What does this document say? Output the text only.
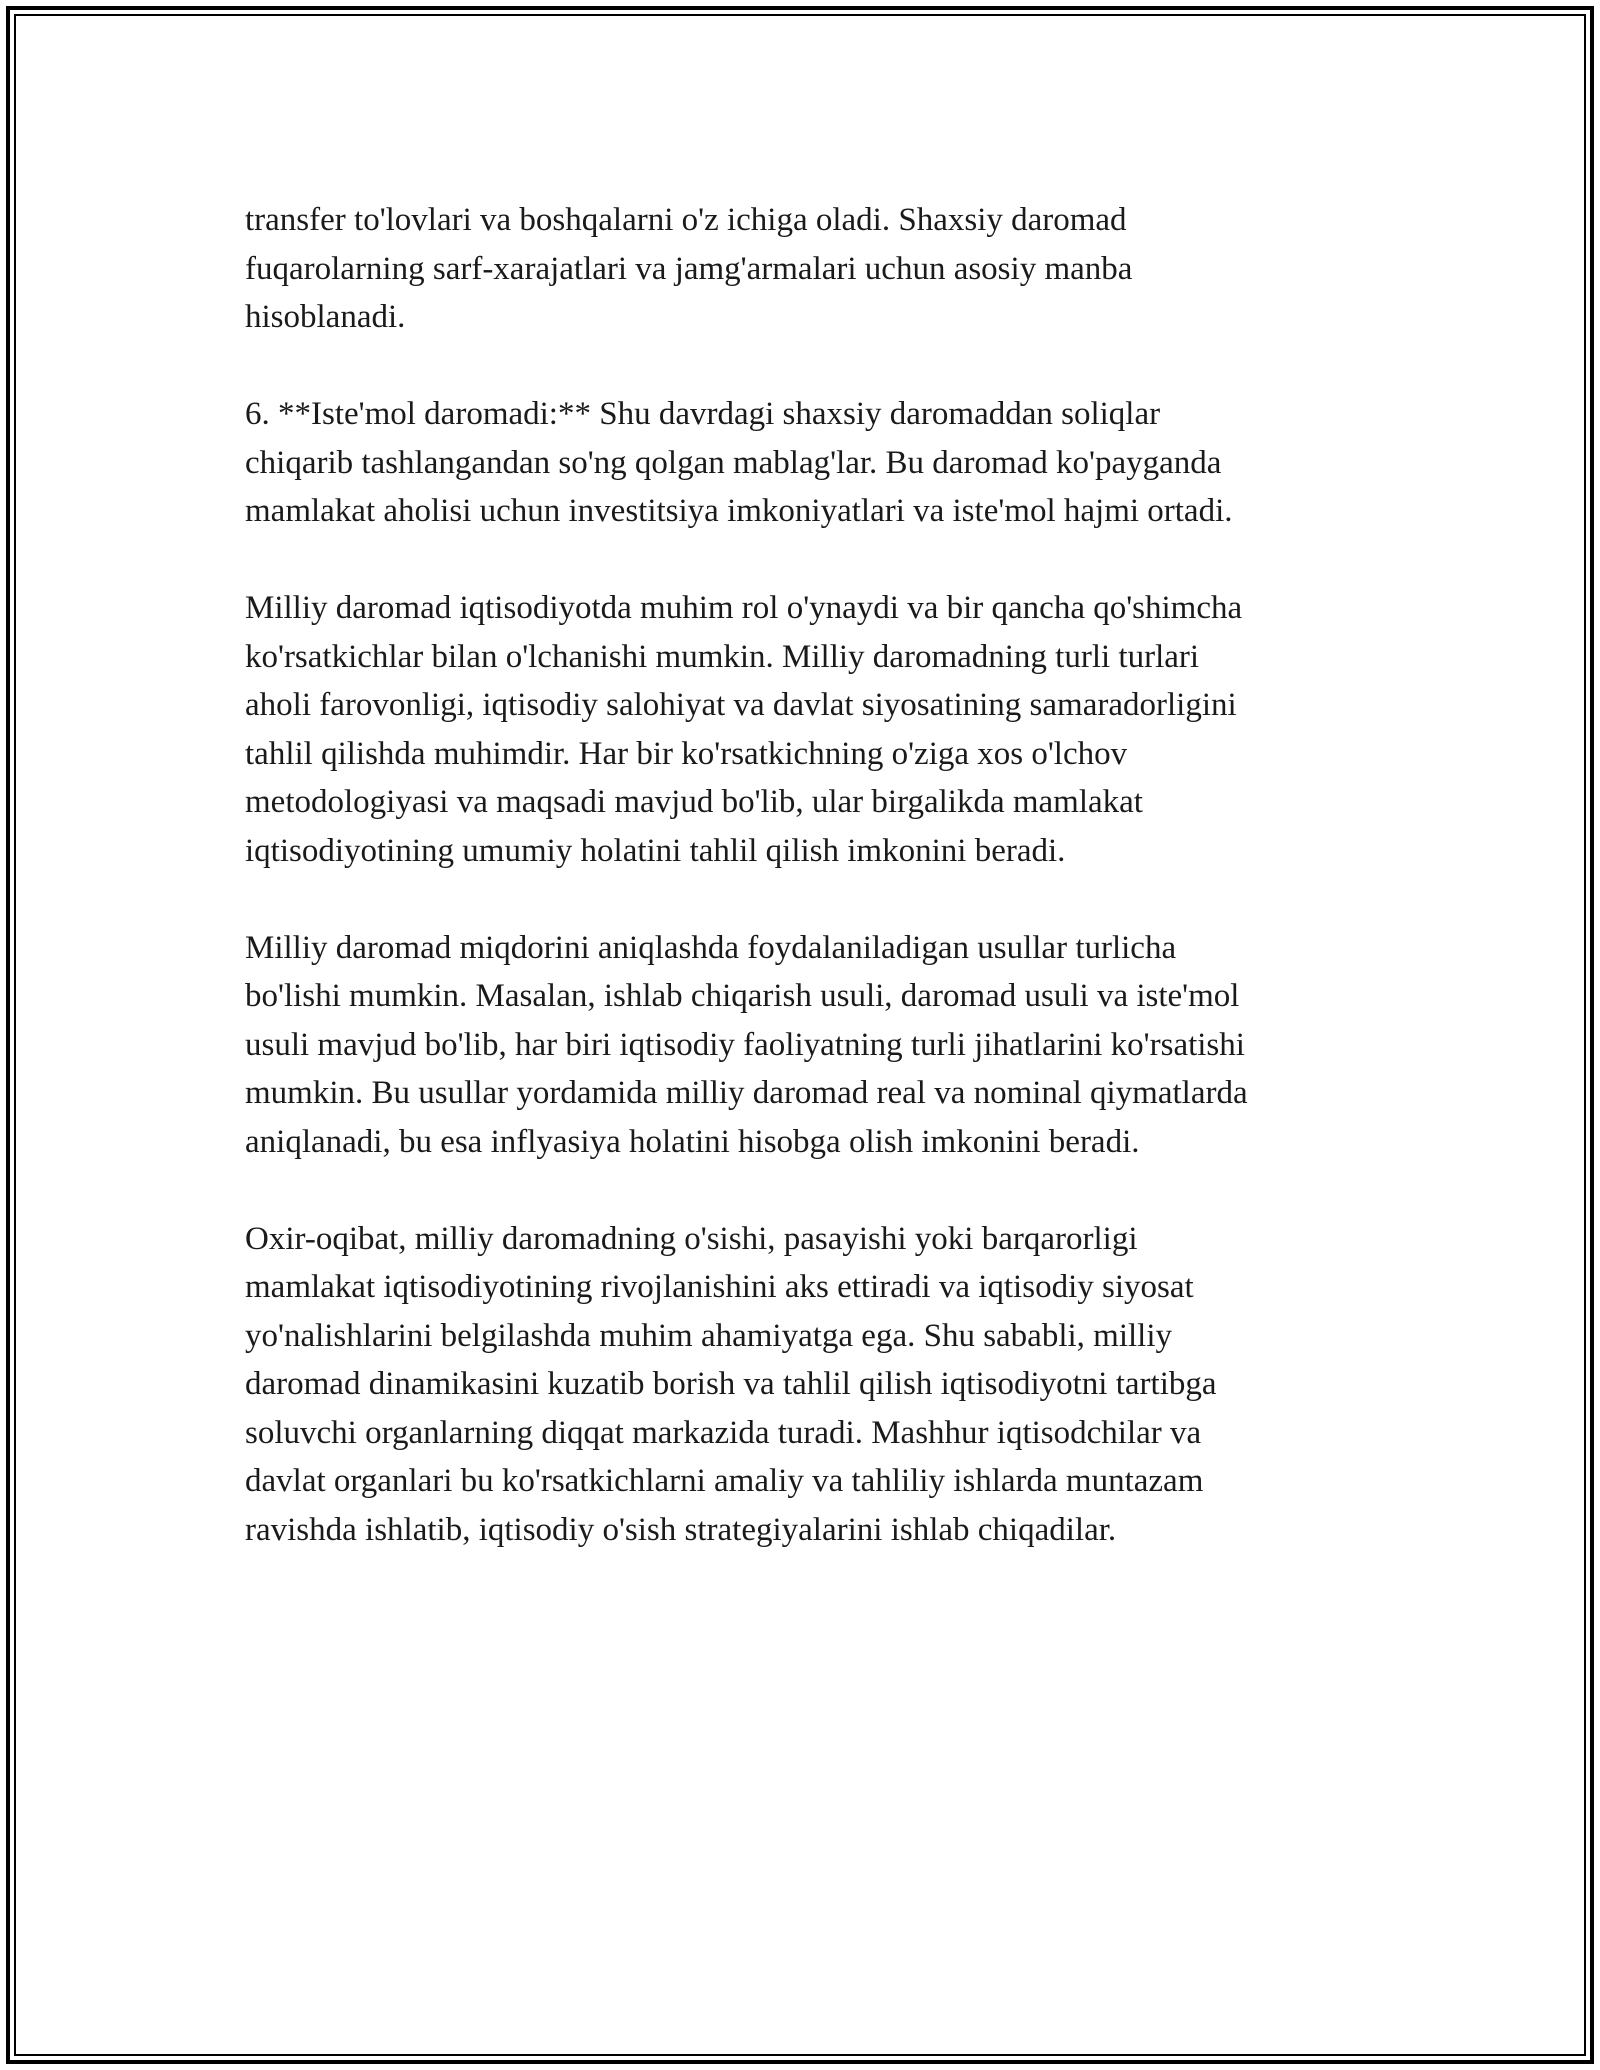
transfer to'lovlari va boshqalarni o'z ichiga oladi. Shaxsiy daromad
fuqarolarning sarf-xarajatlari va jamg'armalari uchun asosiy manba
hisoblanadi.

6. **Iste'mol daromadi:** Shu davrdagi shaxsiy daromaddan soliqlar
chiqarib tashlangandan so'ng qolgan mablag'lar. Bu daromad ko'payganda
mamlakat aholisi uchun investitsiya imkoniyatlari va iste'mol hajmi ortadi.

Milliy daromad iqtisodiyotda muhim rol o'ynaydi va bir qancha qo'shimcha
ko'rsatkichlar bilan o'lchanishi mumkin. Milliy daromadning turli turlari
aholi farovonligi, iqtisodiy salohiyat va davlat siyosatining samaradorligini
tahlil qilishda muhimdir. Har bir ko'rsatkichning o'ziga xos o'lchov
metodologiyasi va maqsadi mavjud bo'lib, ular birgalikda mamlakat
iqtisodiyotining umumiy holatini tahlil qilish imkonini beradi.

Milliy daromad miqdorini aniqlashda foydalaniladigan usullar turlicha
bo'lishi mumkin. Masalan, ishlab chiqarish usuli, daromad usuli va iste'mol
usuli mavjud bo'lib, har biri iqtisodiy faoliyatning turli jihatlarini ko'rsatishi
mumkin. Bu usullar yordamida milliy daromad real va nominal qiymatlarda
aniqlanadi, bu esa inflyasiya holatini hisobga olish imkonini beradi.

Oxir-oqibat, milliy daromadning o'sishi, pasayishi yoki barqarorligi
mamlakat iqtisodiyotining rivojlanishini aks ettiradi va iqtisodiy siyosat
yo'nalishlarini belgilashda muhim ahamiyatga ega. Shu sababli, milliy
daromad dinamikasini kuzatib borish va tahlil qilish iqtisodiyotni tartibga
soluvchi organlarning diqqat markazida turadi. Mashhur iqtisodchilar va
davlat organlari bu ko'rsatkichlarni amaliy va tahliliy ishlarda muntazam
ravishda ishlatib, iqtisodiy o'sish strategiyalarini ishlab chiqadilar.
